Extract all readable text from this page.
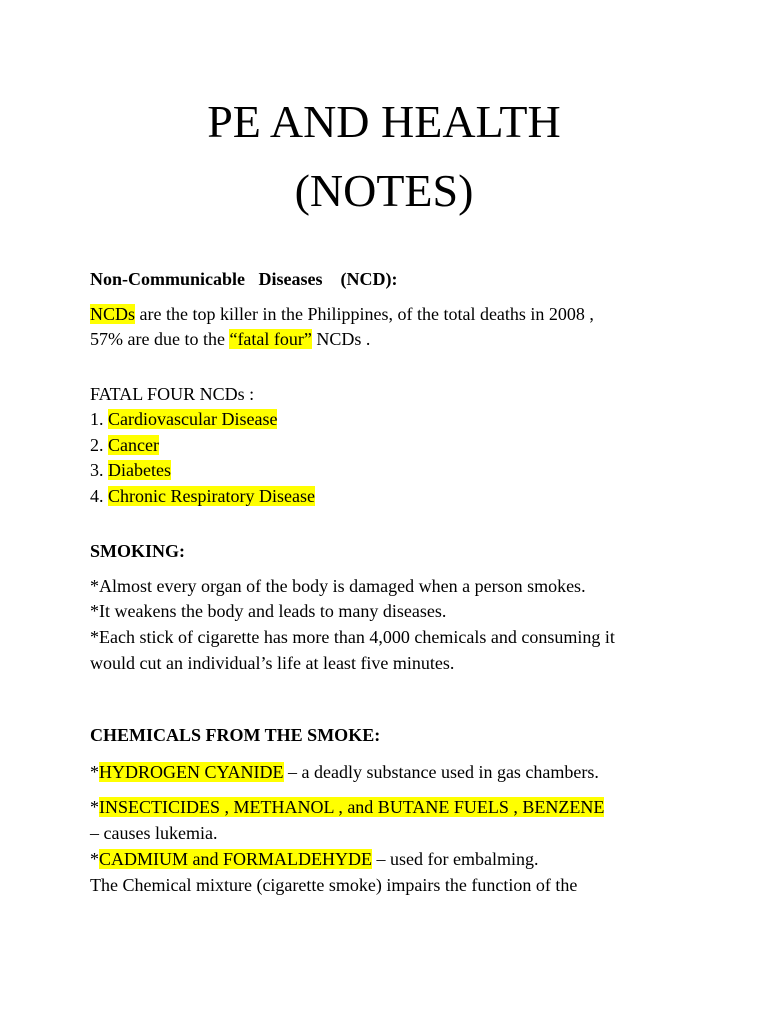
PE AND HEALTH
(NOTES)
Non-Communicable   Diseases    (NCD):
NCDs are the top killer in the Philippines, of the total deaths in 2008 ,
57% are due to the “fatal four” NCDs .
FATAL FOUR NCDs :
1. Cardiovascular Disease
2. Cancer
3. Diabetes
4. Chronic Respiratory Disease
SMOKING:
*Almost every organ of the body is damaged when a person smokes.
*It weakens the body and leads to many diseases.
*Each stick of cigarette has more than 4,000 chemicals and consuming it
would cut an individual’s life at least five minutes.
CHEMICALS FROM THE SMOKE:
*HYDROGEN CYANIDE – a deadly substance used in gas chambers.
*INSECTICIDES , METHANOL , and BUTANE FUELS , BENZENE
– causes lukemia.
*CADMIUM and FORMALDEHYDE – used for embalming.
The Chemical mixture (cigarette smoke) impairs the function of the
